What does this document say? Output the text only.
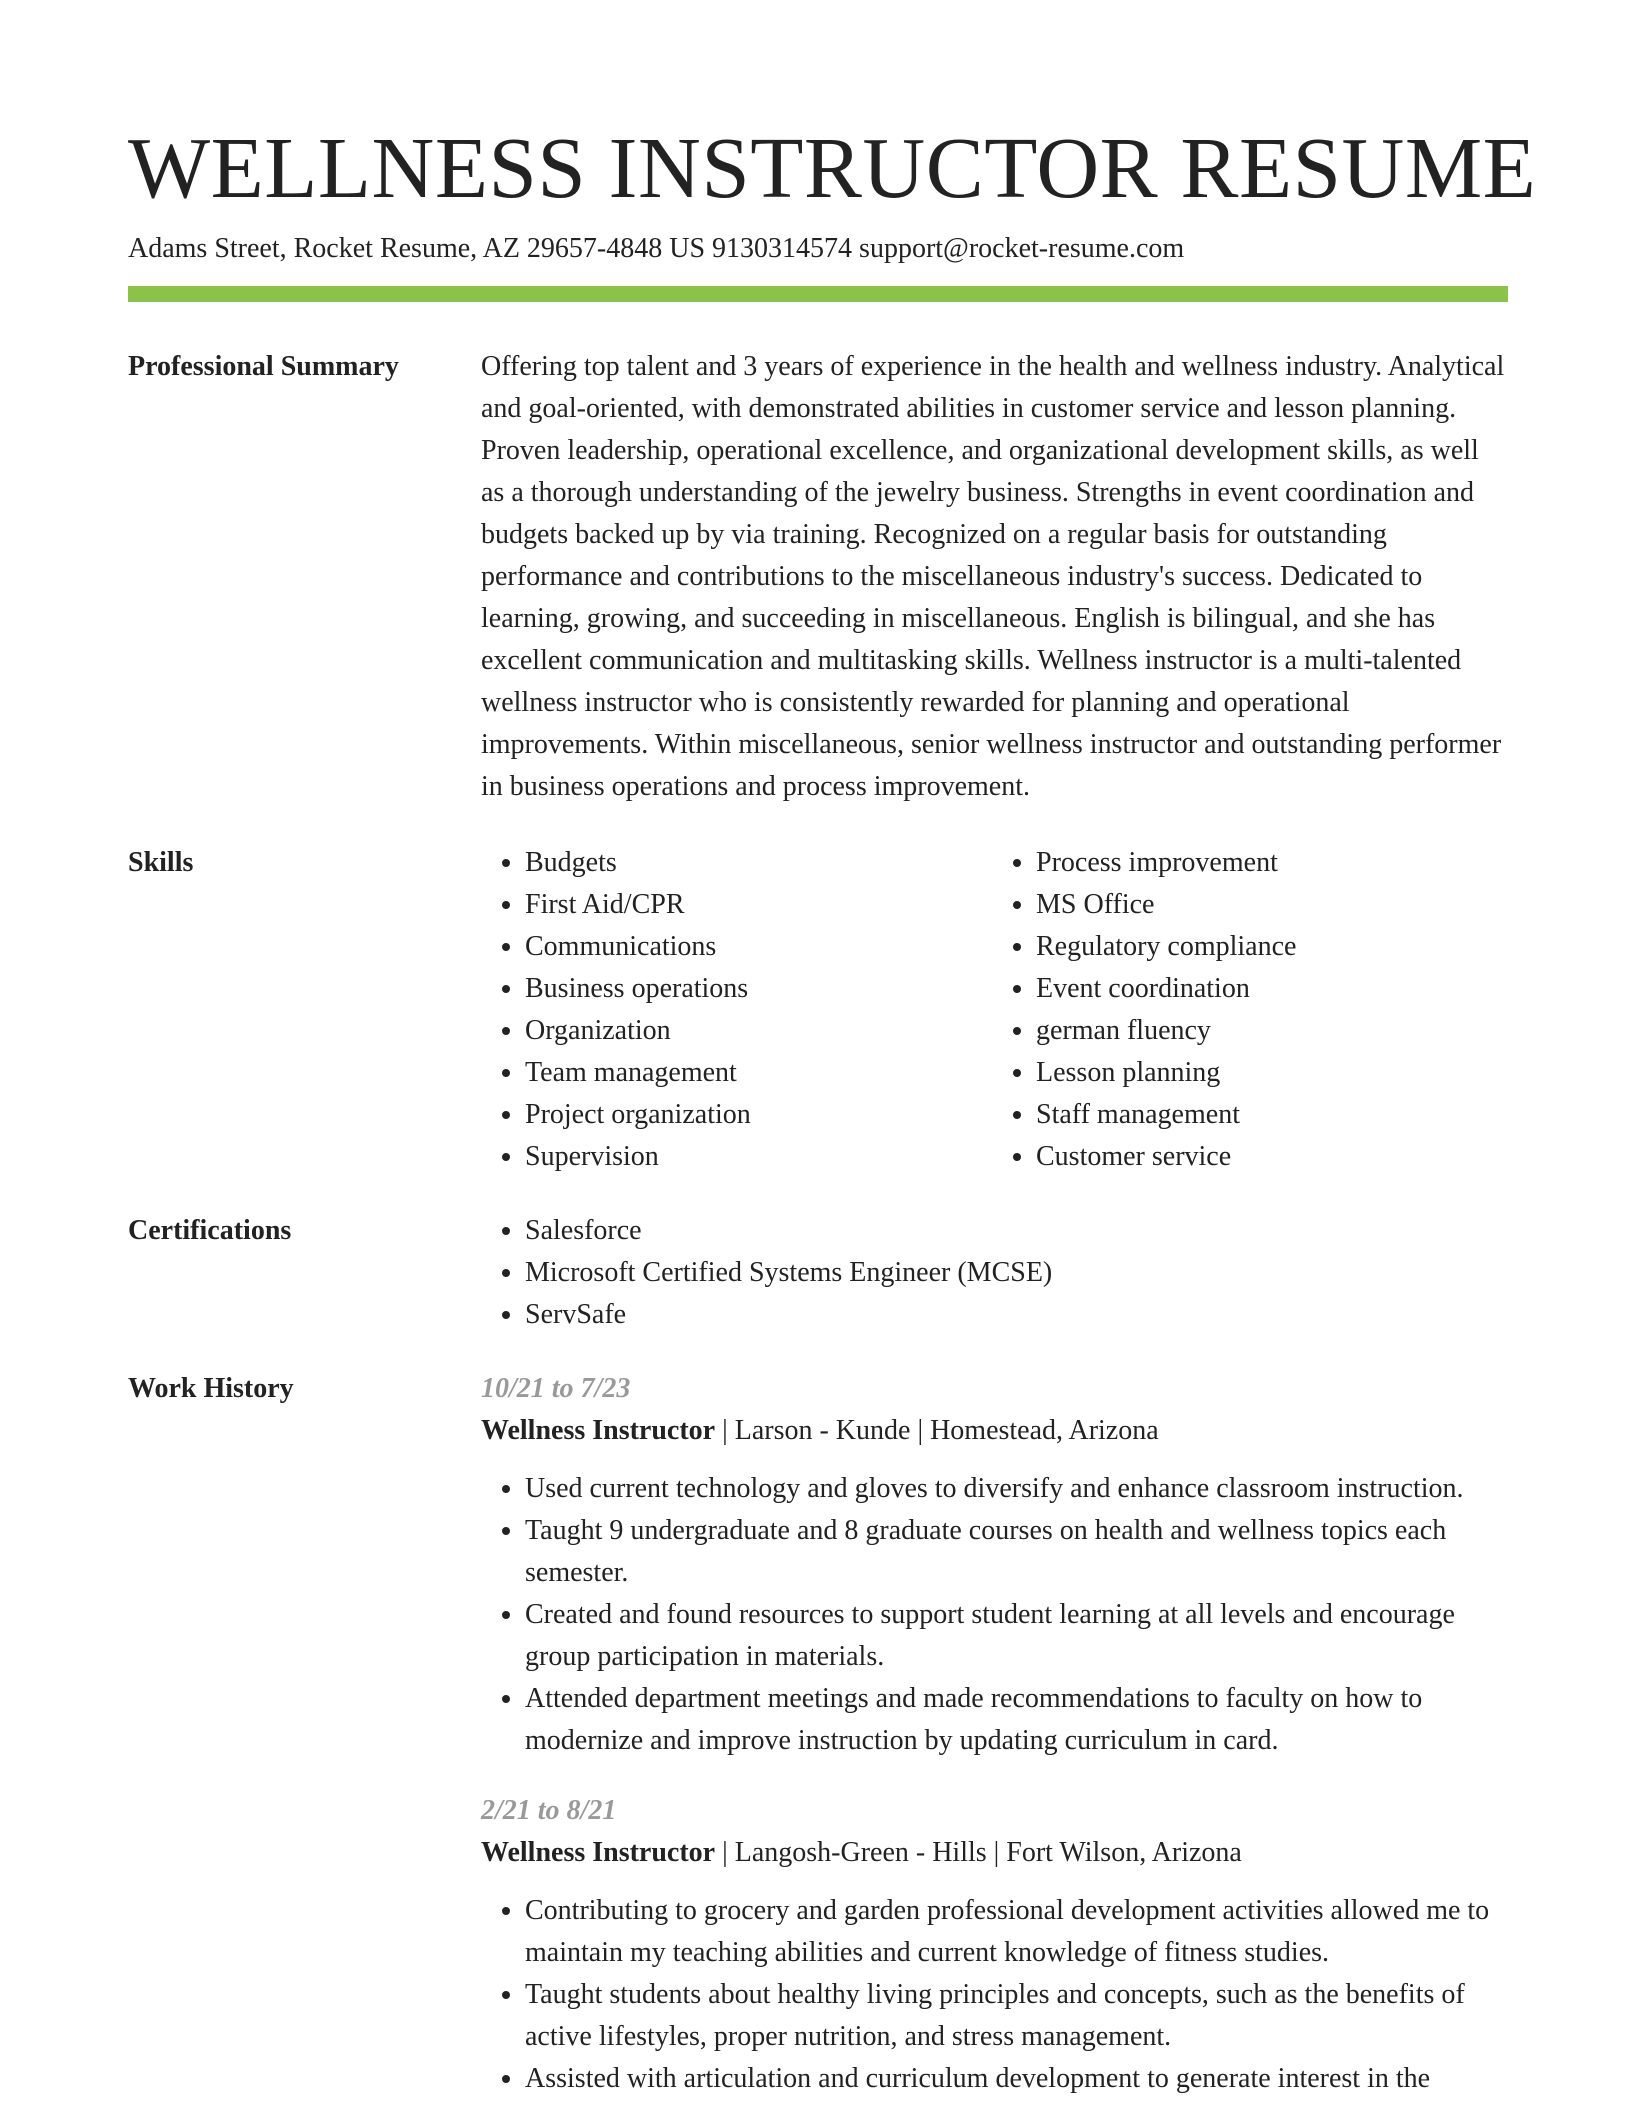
WELLNESS INSTRUCTOR RESUME
Adams Street, Rocket Resume, AZ 29657-4848 US 9130314574 support@rocket-resume.com
Professional Summary	Offering top talent and 3 years of experience in the health and wellness industry. Analytical and goal-oriented, with demonstrated abilities in customer service and lesson planning. Proven leadership, operational excellence, and organizational development skills, as well as a thorough understanding of the jewelry business. Strengths in event coordination and budgets backed up by via training. Recognized on a regular basis for outstanding performance and contributions to the miscellaneous industry's success. Dedicated to learning, growing, and succeeding in miscellaneous. English is bilingual, and she has excellent communication and multitasking skills. Wellness instructor is a multi-talented wellness instructor who is consistently rewarded for planning and operational improvements. Within miscellaneous, senior wellness instructor and outstanding performer in business operations and process improvement.

Skills	• Budgets
• First Aid/CPR
• Communications
• Business operations
• Organization
• Team management
• Project organization
• Supervision
• Process improvement
• MS Office
• Regulatory compliance
• Event coordination
• german fluency
• Lesson planning
• Staff management
• Customer service
Certifications	• Salesforce
• Microsoft Certified Systems Engineer (MCSE)
• ServSafe
Work History	10/21 to 7/23
Wellness Instructor | Larson - Kunde | Homestead, Arizona
• Used current technology and gloves to diversify and enhance classroom instruction.
• Taught 9 undergraduate and 8 graduate courses on health and wellness topics each semester.
• Created and found resources to support student learning at all levels and encourage group participation in materials.
• Attended department meetings and made recommendations to faculty on how to modernize and improve instruction by updating curriculum in card.
2/21 to 8/21
Wellness Instructor | Langosh-Green - Hills | Fort Wilson, Arizona
• Contributing to grocery and garden professional development activities allowed me to maintain my teaching abilities and current knowledge of fitness studies.
• Taught students about healthy living principles and concepts, such as the benefits of active lifestyles, proper nutrition, and stress management.
• Assisted with articulation and curriculum development to generate interest in the
